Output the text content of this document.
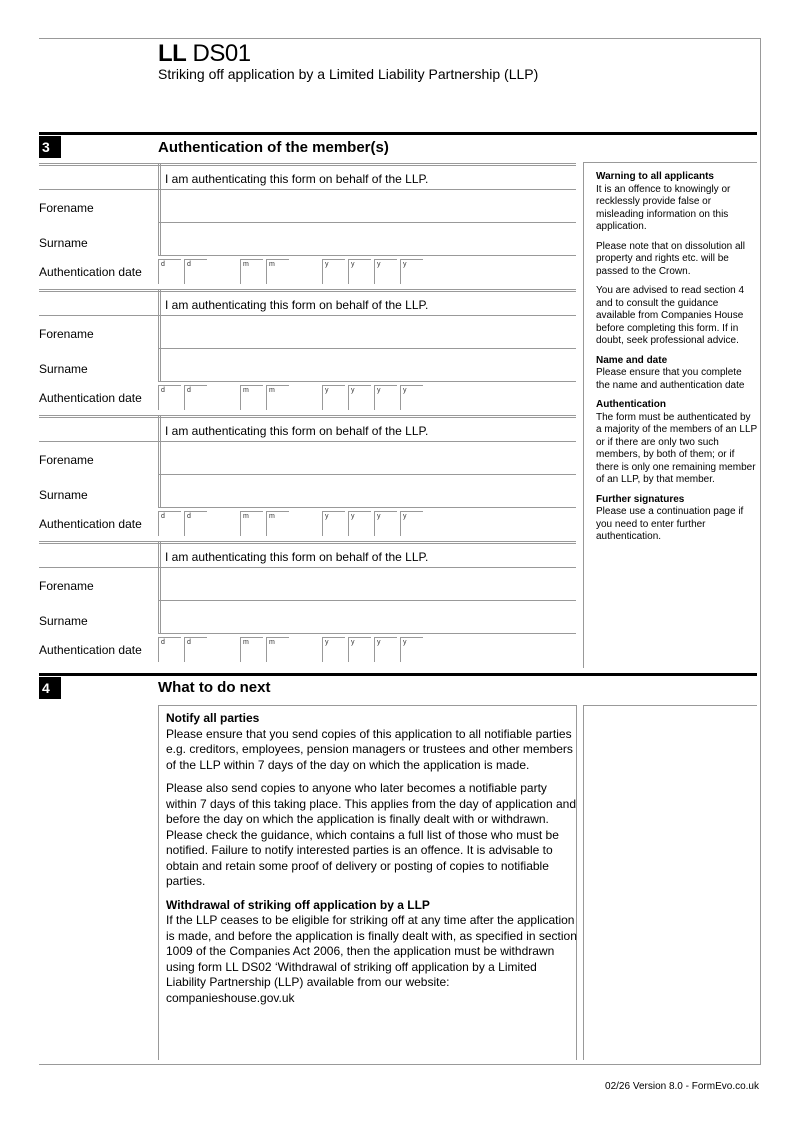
LL DS01
Striking off application by a Limited Liability Partnership (LLP)
3	Authentication of the member(s)

Warning to all applicants
It is an offence to knowingly or recklessly provide false or misleading information on this application.

Please note that on dissolution all property and rights etc. will be passed to the Crown.

You are advised to read section 4 and to consult the guidance available from Companies House before completing this form. If in doubt, seek professional advice.

Name and date
Please ensure that you complete the name and authentication date

Authentication
The form must be authenticated by a majority of the members of an LLP or if there are only two such members, by both of them; or if there is only one remaining member of an LLP, by that member.

Further signatures
Please use a continuation page if you need to enter further authentication.

I am authenticating this form on behalf of the LLP.
Forename
Surname
Authentication date
d	d	m	m	y	y	y	y
I am authenticating this form on behalf of the LLP.
Forename
Surname
Authentication date
d	d	m	m	y	y	y	y
I am authenticating this form on behalf of the LLP.
Forename
Surname
Authentication date
d	d	m	m	y	y	y	y
I am authenticating this form on behalf of the LLP.
Forename
Surname
Authentication date
d	d	m	m	y	y	y	y
4	What to do next

Notify all parties
Please ensure that you send copies of this application to all notifiable parties e.g. creditors, employees, pension managers or trustees and other members of the LLP within 7 days of the day on which the application is made.

Please also send copies to anyone who later becomes a notifiable party within 7 days of this taking place. This applies from the day of application and before the day on which the application is finally dealt with or withdrawn. Please check the guidance, which contains a full list of those who must be notified. Failure to notify interested parties is an offence. It is advisable to obtain and retain some proof of delivery or posting of copies to notifiable parties.

Withdrawal of striking off application by a LLP
If the LLP ceases to be eligible for striking off at any time after the application is made, and before the application is finally dealt with, as specified in section 1009 of the Companies Act 2006, then the application must be withdrawn using form LL DS02 ‘Withdrawal of striking off application by a Limited Liability Partnership (LLP) available from our website: companieshouse.gov.uk

02/26 Version 8.0 - FormEvo.co.uk
